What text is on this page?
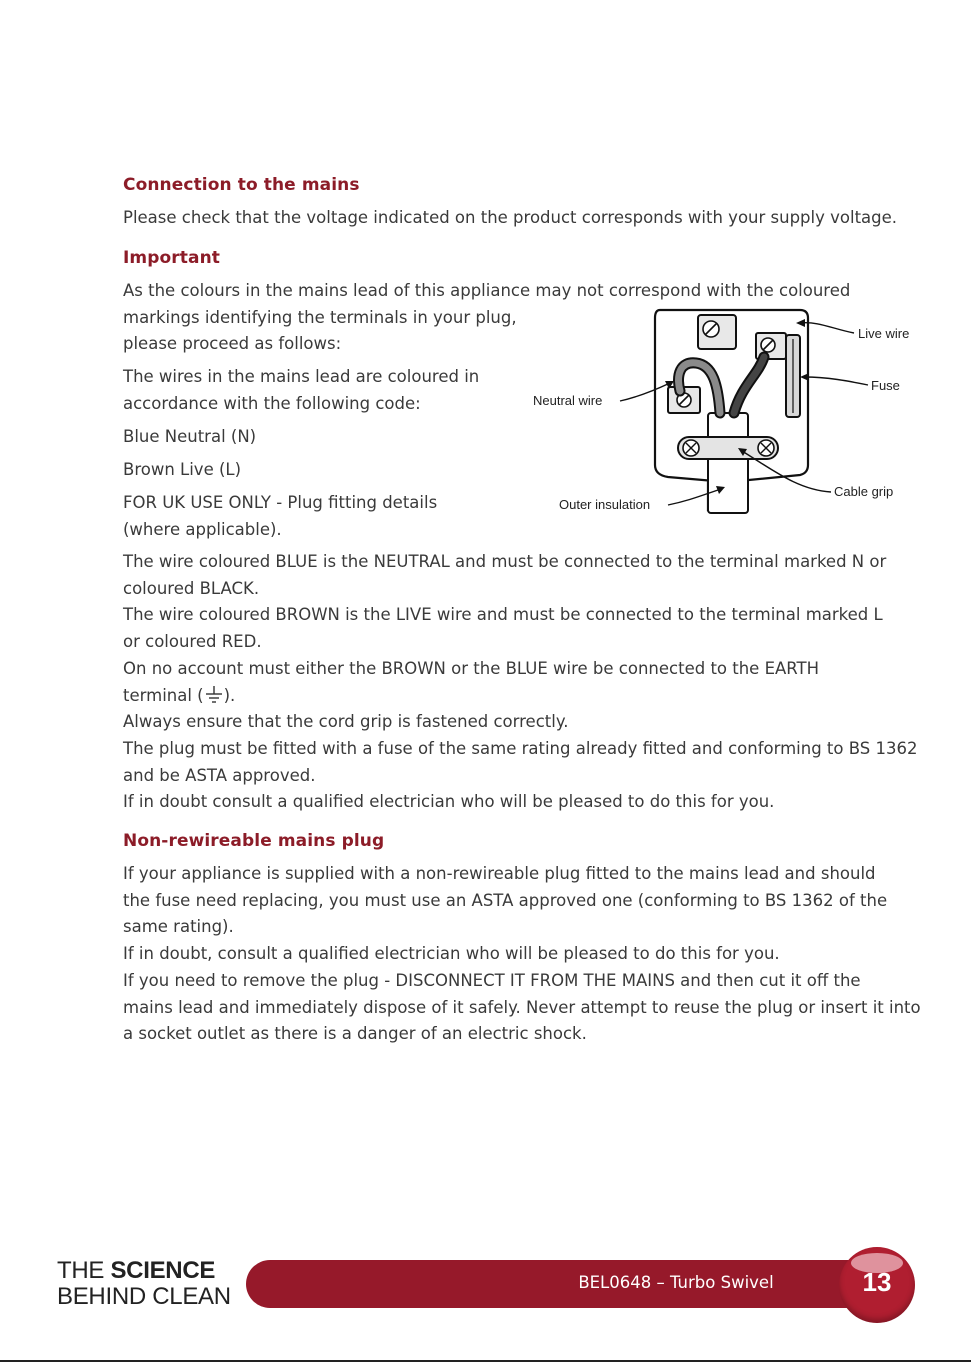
Connection to the mains

Please check that the voltage indicated on the product corresponds with your supply voltage.

Important

As the colours in the mains lead of this appliance may not correspond with the coloured
markings identifying the terminals in your plug,
please proceed as follows:

The wires in the mains lead are coloured in
accordance with the following code:

Blue Neutral (N)

Brown Live (L)

FOR UK USE ONLY - Plug fitting details
(where applicable).

The wire coloured BLUE is the NEUTRAL and must be connected to the terminal marked N or
coloured BLACK.
The wire coloured BROWN is the LIVE wire and must be connected to the terminal marked L
or coloured RED.
On no account must either the BROWN or the BLUE wire be connected to the EARTH
terminal ( ).
Always ensure that the cord grip is fastened correctly.
The plug must be fitted with a fuse of the same rating already fitted and conforming to BS 1362
and be ASTA approved.
If in doubt consult a qualified electrician who will be pleased to do this for you.

Non-rewireable mains plug

If your appliance is supplied with a non-rewireable plug fitted to the mains lead and should
the fuse need replacing, you must use an ASTA approved one (conforming to BS 1362 of the
same rating).
If in doubt, consult a qualified electrician who will be pleased to do this for you.
If you need to remove the plug - DISCONNECT IT FROM THE MAINS and then cut it off the
mains lead and immediately dispose of it safely. Never attempt to reuse the plug or insert it into
a socket outlet as there is a danger of an electric shock.

Live wire
Fuse
Neutral wire
Cable grip
Outer insulation
THE SCIENCE
BEHIND CLEAN
BEL0648 – Turbo Swivel	13
